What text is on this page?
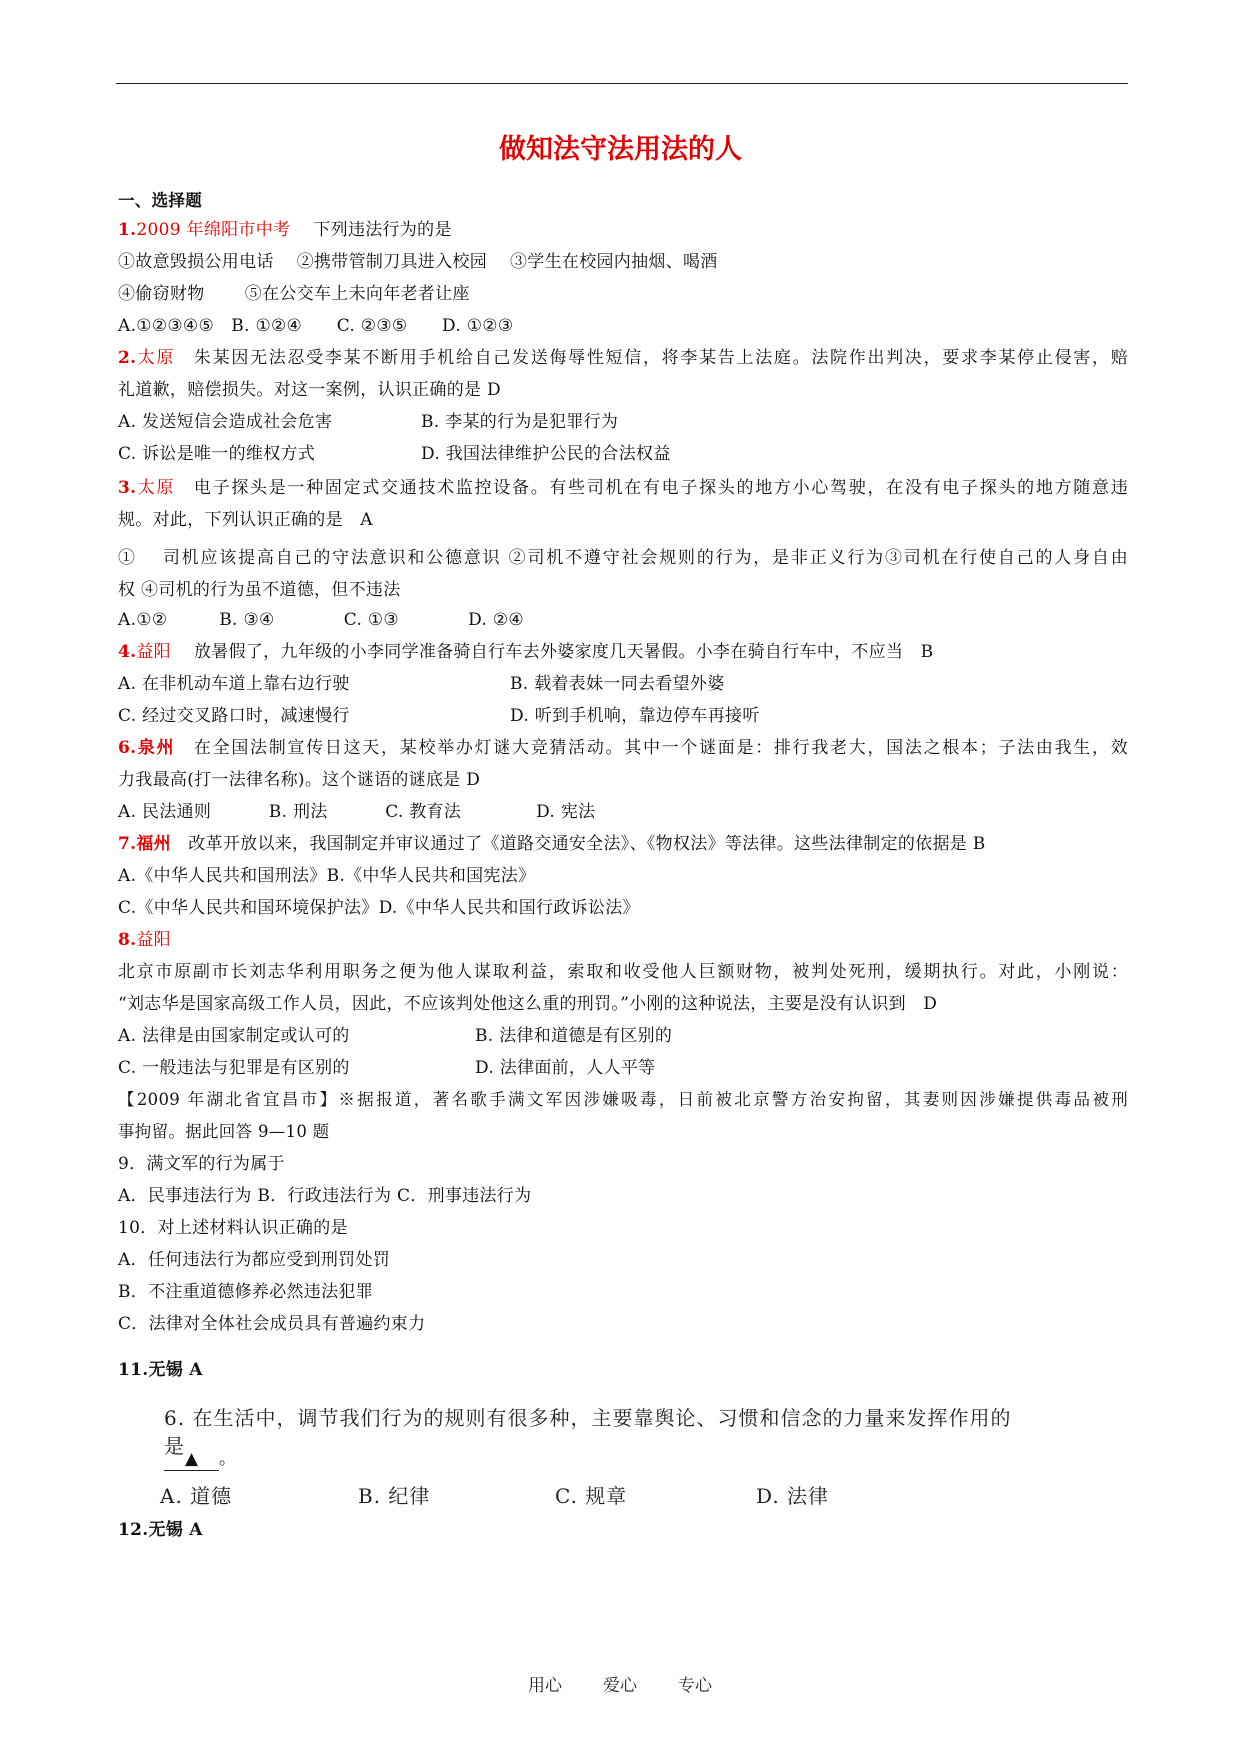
做知法守法用法的人
一、选择题
1.2009 年绵阳市中考　 下列违法行为的是
①故意毁损公用电话　 ②携带管制刀具进入校园　 ③学生在校园内抽烟、喝酒
④偷窃财物　　 ⑤在公交车上未向年老者让座
A.①②③④⑤　B. ①②④　　C. ②③⑤　　D. ①②③
2.太原　 朱某因无法忍受李某不断用手机给自己发送侮辱性短信，将李某告上法庭。法院作出判决，要求李某停止侵害，赔
礼道歉，赔偿损失。对这一案例，认识正确的是 D
A. 发送短信会造成社会危害	B. 李某的行为是犯罪行为
C. 诉讼是唯一的维权方式	D. 我国法律维护公民的合法权益
3.太原　 电子探头是一种固定式交通技术监控设备。有些司机在有电子探头的地方小心驾驶，在没有电子探头的地方随意违
规。对此，下列认识正确的是　A
①　 司机应该提高自己的守法意识和公德意识 ②司机不遵守社会规则的行为，是非正义行为③司机在行使自己的人身自由
权 ④司机的行为虽不道德，但不违法
A.①②　　　B. ③④　　　　C. ①③　　　　D. ②④
4.益阳　 放暑假了，九年级的小李同学准备骑自行车去外婆家度几天暑假。小李在骑自行车中，不应当　B
A. 在非机动车道上靠右边行驶	B. 载着表妹一同去看望外婆
C. 经过交叉路口时，减速慢行	D. 听到手机响，靠边停车再接听
6.泉州　 在全国法制宣传日这天，某校举办灯谜大竞猜活动。其中一个谜面是：排行我老大，国法之根本；子法由我生，效
力我最高(打一法律名称)。这个谜语的谜底是 D
A. 民法通则　　　 B. 刑法　　　 C. 教育法　　　　 D. 宪法
7.福州　 改革开放以来，我国制定并审议通过了《道路交通安全法》、《物权法》等法律。这些法律制定的依据是 B
A.《中华人民共和国刑法》B.《中华人民共和国宪法》
C.《中华人民共和国环境保护法》D.《中华人民共和国行政诉讼法》
8.益阳
北京市原副市长刘志华利用职务之便为他人谋取利益，索取和收受他人巨额财物，被判处死刑，缓期执行。对此，小刚说：
“刘志华是国家高级工作人员，因此，不应该判处他这么重的刑罚。”小刚的这种说法，主要是没有认识到　D
A. 法律是由国家制定或认可的	B. 法律和道德是有区别的
C. 一般违法与犯罪是有区别的	D. 法律面前，人人平等
【2009 年湖北省宜昌市】※据报道，著名歌手满文军因涉嫌吸毒，日前被北京警方治安拘留，其妻则因涉嫌提供毒品被刑
事拘留。据此回答 9—10 题
9．满文军的行为属于
A．民事违法行为 B．行政违法行为 C．刑事违法行为
10．对上述材料认识正确的是
A．任何违法行为都应受到刑罚处罚
B．不注重道德修养必然违法犯罪
C．法律对全体社会成员具有普遍约束力
11.无锡 A
6. 在生活中，调节我们行为的规则有很多种，主要靠舆论、习惯和信念的力量来发挥作用的是
▲ 。
A. 道德	B. 纪律	C. 规章	D. 法律
12.无锡 A
用心 爱心 专心
